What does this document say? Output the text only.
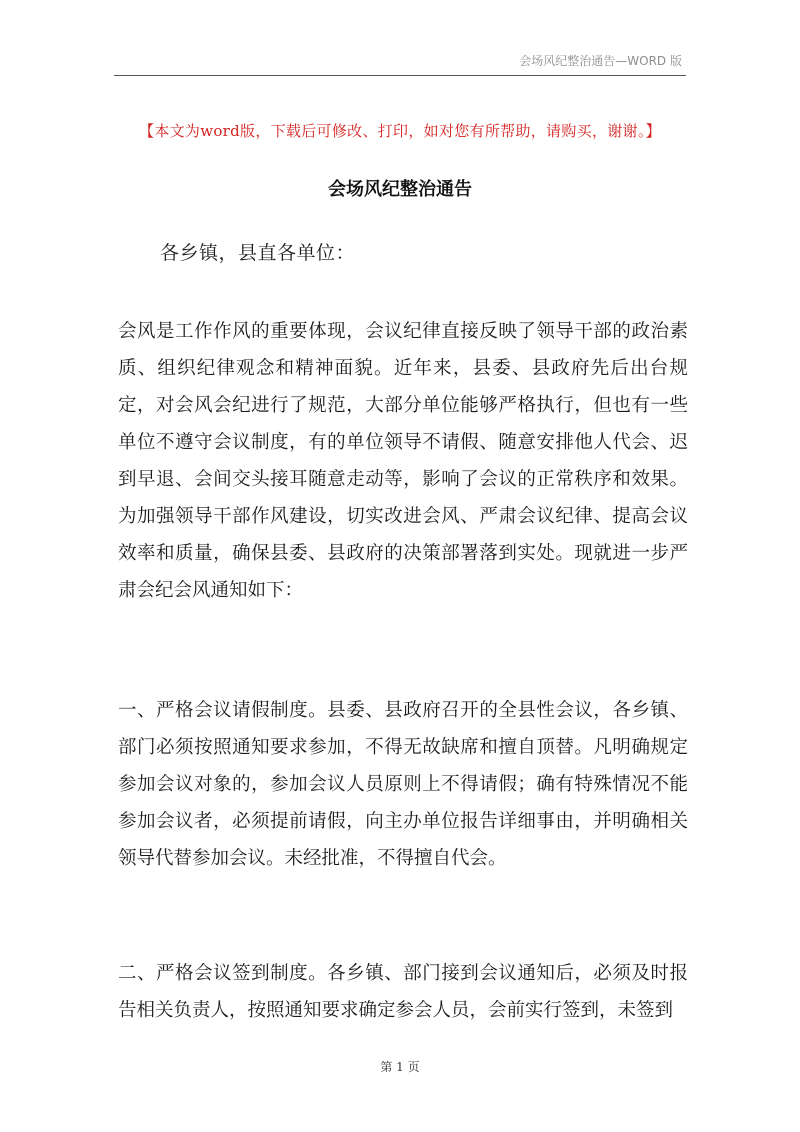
会场风纪整治通告—WORD 版
【本文为word版，下载后可修改、打印，如对您有所帮助，请购买，谢谢。】
会场风纪整治通告
各乡镇，县直各单位：

会风是工作作风的重要体现，会议纪律直接反映了领导干部的政治素质、组织纪律观念和精神面貌。近年来，县委、县政府先后出台规定，对会风会纪进行了规范，大部分单位能够严格执行，但也有一些单位不遵守会议制度，有的单位领导不请假、随意安排他人代会、迟到早退、会间交头接耳随意走动等，影响了会议的正常秩序和效果。为加强领导干部作风建设，切实改进会风、严肃会议纪律、提高会议效率和质量，确保县委、县政府的决策部署落到实处。现就进一步严肃会纪会风通知如下：

一、严格会议请假制度。县委、县政府召开的全县性会议，各乡镇、部门必须按照通知要求参加，不得无故缺席和擅自顶替。凡明确规定参加会议对象的，参加会议人员原则上不得请假；确有特殊情况不能参加会议者，必须提前请假，向主办单位报告详细事由，并明确相关领导代替参加会议。未经批准，不得擅自代会。

二、严格会议签到制度。各乡镇、部门接到会议通知后，必须及时报告相关负责人，按照通知要求确定参会人员，会前实行签到，未签到

第 1 页
